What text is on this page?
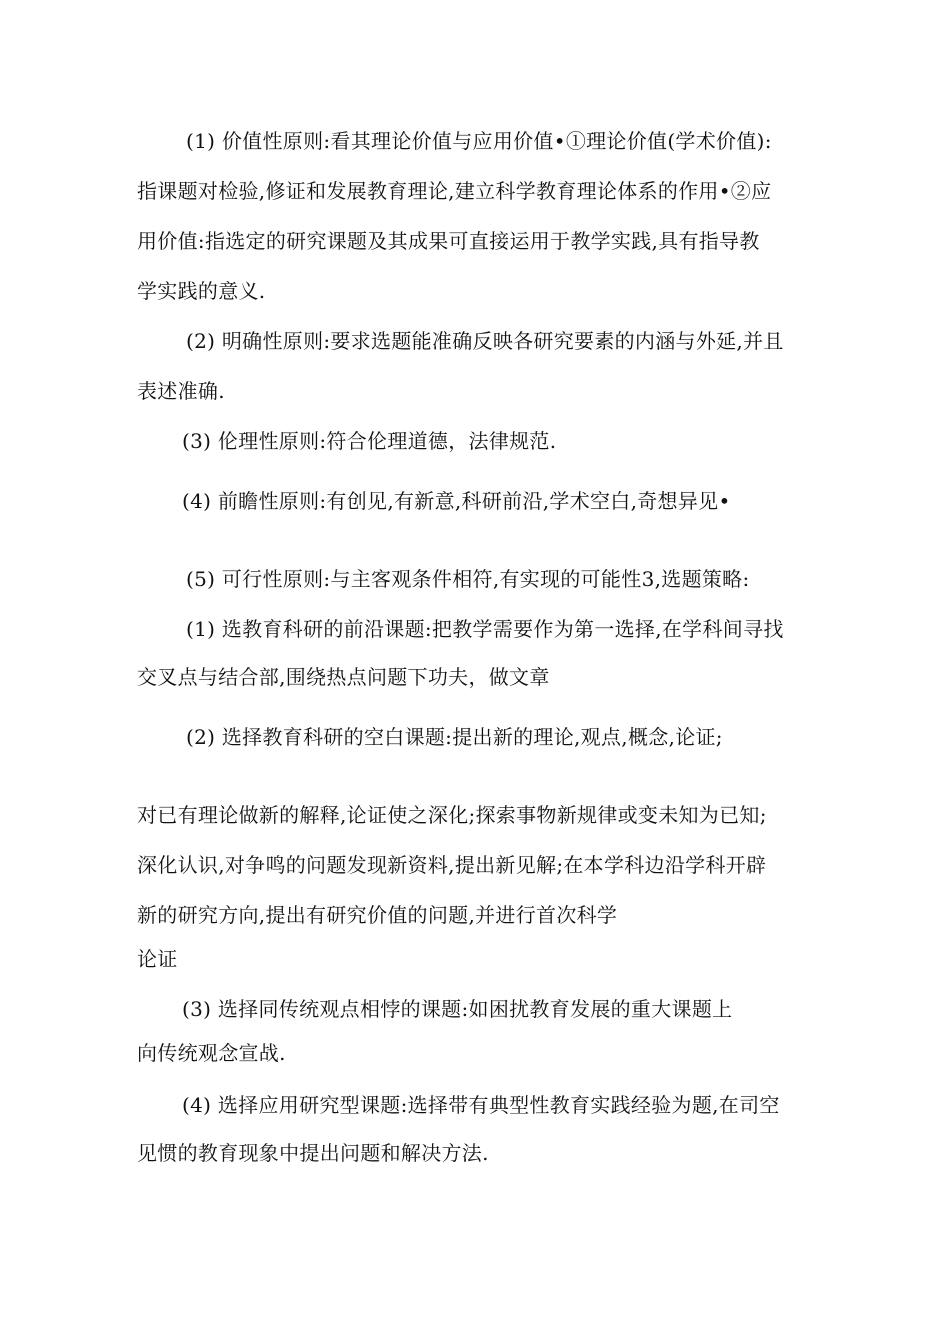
(1) 价值性原则:看其理论价值与应用价值•①理论价值(学术价值):
指课题对检验,修证和发展教育理论,建立科学教育理论体系的作用•②应
用价值:指选定的研究课题及其成果可直接运用于教学实践,具有指导教
学实践的意义.
(2) 明确性原则:要求选题能准确反映各研究要素的内涵与外延,并且
表述准确.
(3) 伦理性原则:符合伦理道德，法律规范.
(4) 前瞻性原则:有创见,有新意,科研前沿,学术空白,奇想异见•
(5) 可行性原则:与主客观条件相符,有实现的可能性3,选题策略:
(1) 选教育科研的前沿课题:把教学需要作为第一选择,在学科间寻找
交叉点与结合部,围绕热点问题下功夫，做文章
(2) 选择教育科研的空白课题:提出新的理论,观点,概念,论证;
对已有理论做新的解释,论证使之深化;探索事物新规律或变未知为已知;
深化认识,对争鸣的问题发现新资料,提出新见解;在本学科边沿学科开辟
新的研究方向,提出有研究价值的问题,并进行首次科学
论证
(3) 选择同传统观点相悖的课题:如困扰教育发展的重大课题上
向传统观念宣战.
(4) 选择应用研究型课题:选择带有典型性教育实践经验为题,在司空
见惯的教育现象中提出问题和解决方法.
